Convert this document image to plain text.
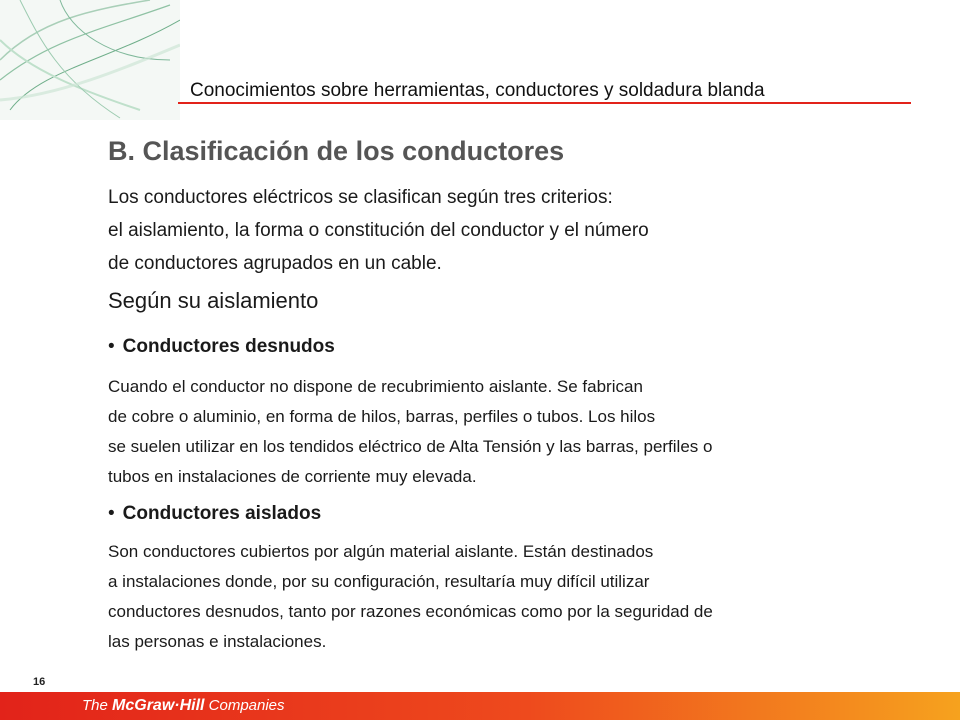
Conocimientos sobre herramientas, conductores y soldadura blanda
B. Clasificación de los conductores
Los conductores eléctricos se clasifican según tres criterios:
el aislamiento, la forma o constitución del conductor y el número
de conductores agrupados en un cable.
Según su aislamiento
• Conductores desnudos
Cuando el conductor no dispone de recubrimiento aislante. Se fabrican
de cobre o aluminio, en forma de hilos, barras, perfiles o tubos. Los hilos
se suelen utilizar en los tendidos eléctrico de Alta Tensión y las barras, perfiles o
tubos en instalaciones de corriente muy elevada.
• Conductores aislados
Son conductores cubiertos por algún material aislante. Están destinados
a instalaciones donde, por su configuración, resultaría muy difícil utilizar
conductores desnudos, tanto por razones económicas como por la seguridad de
las personas e instalaciones.
16
The McGraw·Hill Companies
